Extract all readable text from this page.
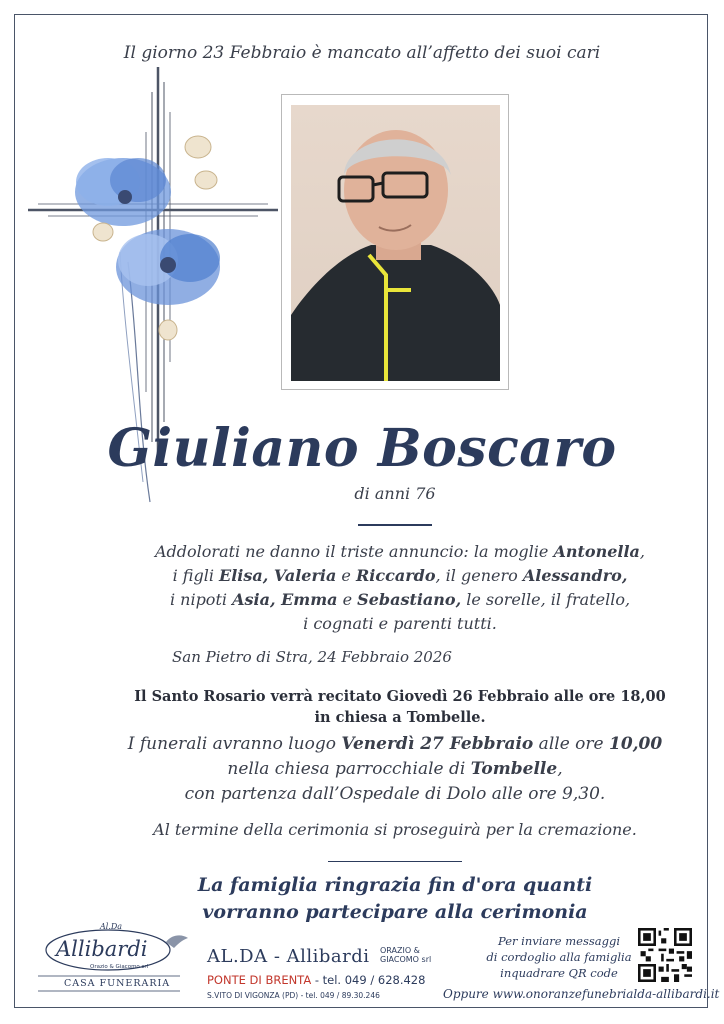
Il giorno 23 Febbraio è mancato all’affetto dei suoi cari
Giuliano Boscaro
di anni 76
Addolorati ne danno il triste annuncio: la moglie Antonella,
i figli Elisa, Valeria e Riccardo, il genero Alessandro,
i nipoti Asia, Emma e Sebastiano, le sorelle, il fratello,
i cognati e parenti tutti.
San Pietro di Stra, 24 Febbraio 2026
Il Santo Rosario verrà recitato Giovedì 26 Febbraio alle ore 18,00
in chiesa a Tombelle.
I funerali avranno luogo Venerdì 27 Febbraio alle ore 10,00
nella chiesa parrocchiale di Tombelle,
con partenza dall’Ospedale di Dolo alle ore 9,30.
Al termine della cerimonia si proseguirà per la cremazione.
La famiglia ringrazia fin d'ora quanti
vorranno partecipare alla cerimonia
Al.Da
Allibardi
Orazio & Giacomo srl
CASA FUNERARIA
AL.DA - Allibardi ORAZIO &
GIACOMO srl
PONTE DI BRENTA - tel. 049 / 628.428
S.VITO DI VIGONZA (PD) - tel. 049 / 89.30.246
Per inviare messaggi
di cordoglio alla famiglia
inquadrare QR code
Oppure www.onoranzefunebrialda-allibardi.it
